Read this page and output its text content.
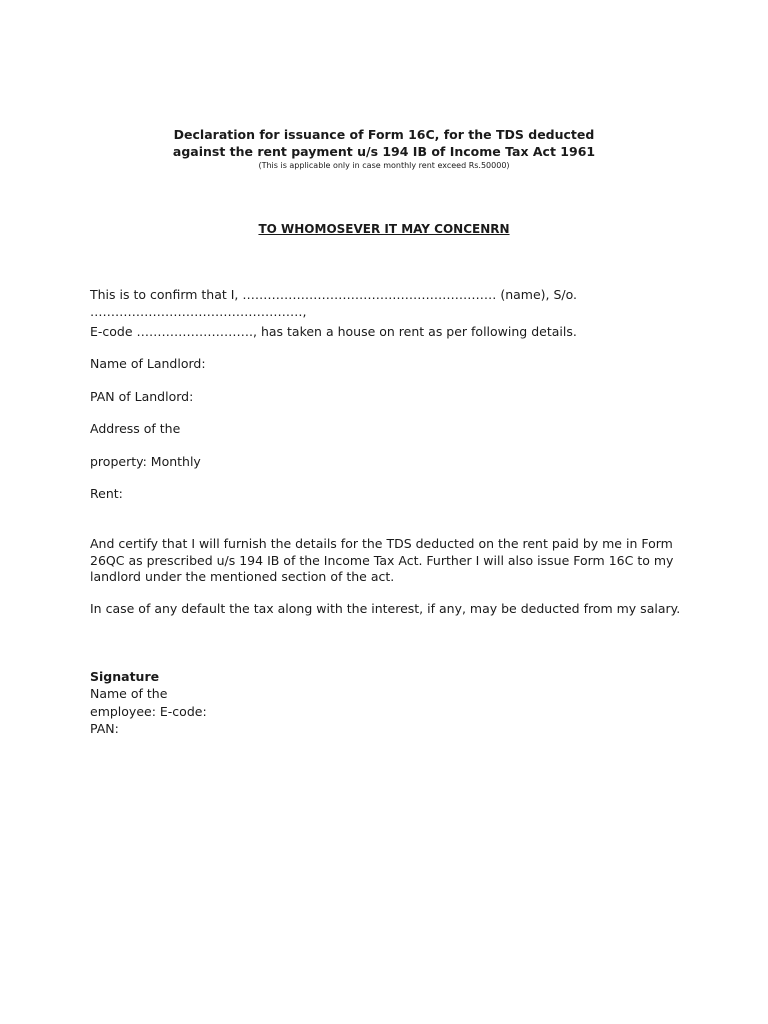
Declaration for issuance of Form 16C, for the TDS deducted
against the rent payment u/s 194 IB of Income Tax Act 1961
(This is applicable only in case monthly rent exceed Rs.50000)
TO WHOMOSEVER IT MAY CONCENRN
This is to confirm that I, ……………………………….…………………… (name), S/o.
……………………………………………,
E-code ………………………., has taken a house on rent as per following details.
Name of Landlord:
PAN of Landlord:
Address of the
property: Monthly
Rent:
And certify that I will furnish the details for the TDS deducted on the rent paid by me in Form
26QC as prescribed u/s 194 IB of the Income Tax Act. Further I will also issue Form 16C to my
landlord under the mentioned section of the act.
In case of any default the tax along with the interest, if any, may be deducted from my salary.
Signature
Name of the
employee: E-code:
PAN:
